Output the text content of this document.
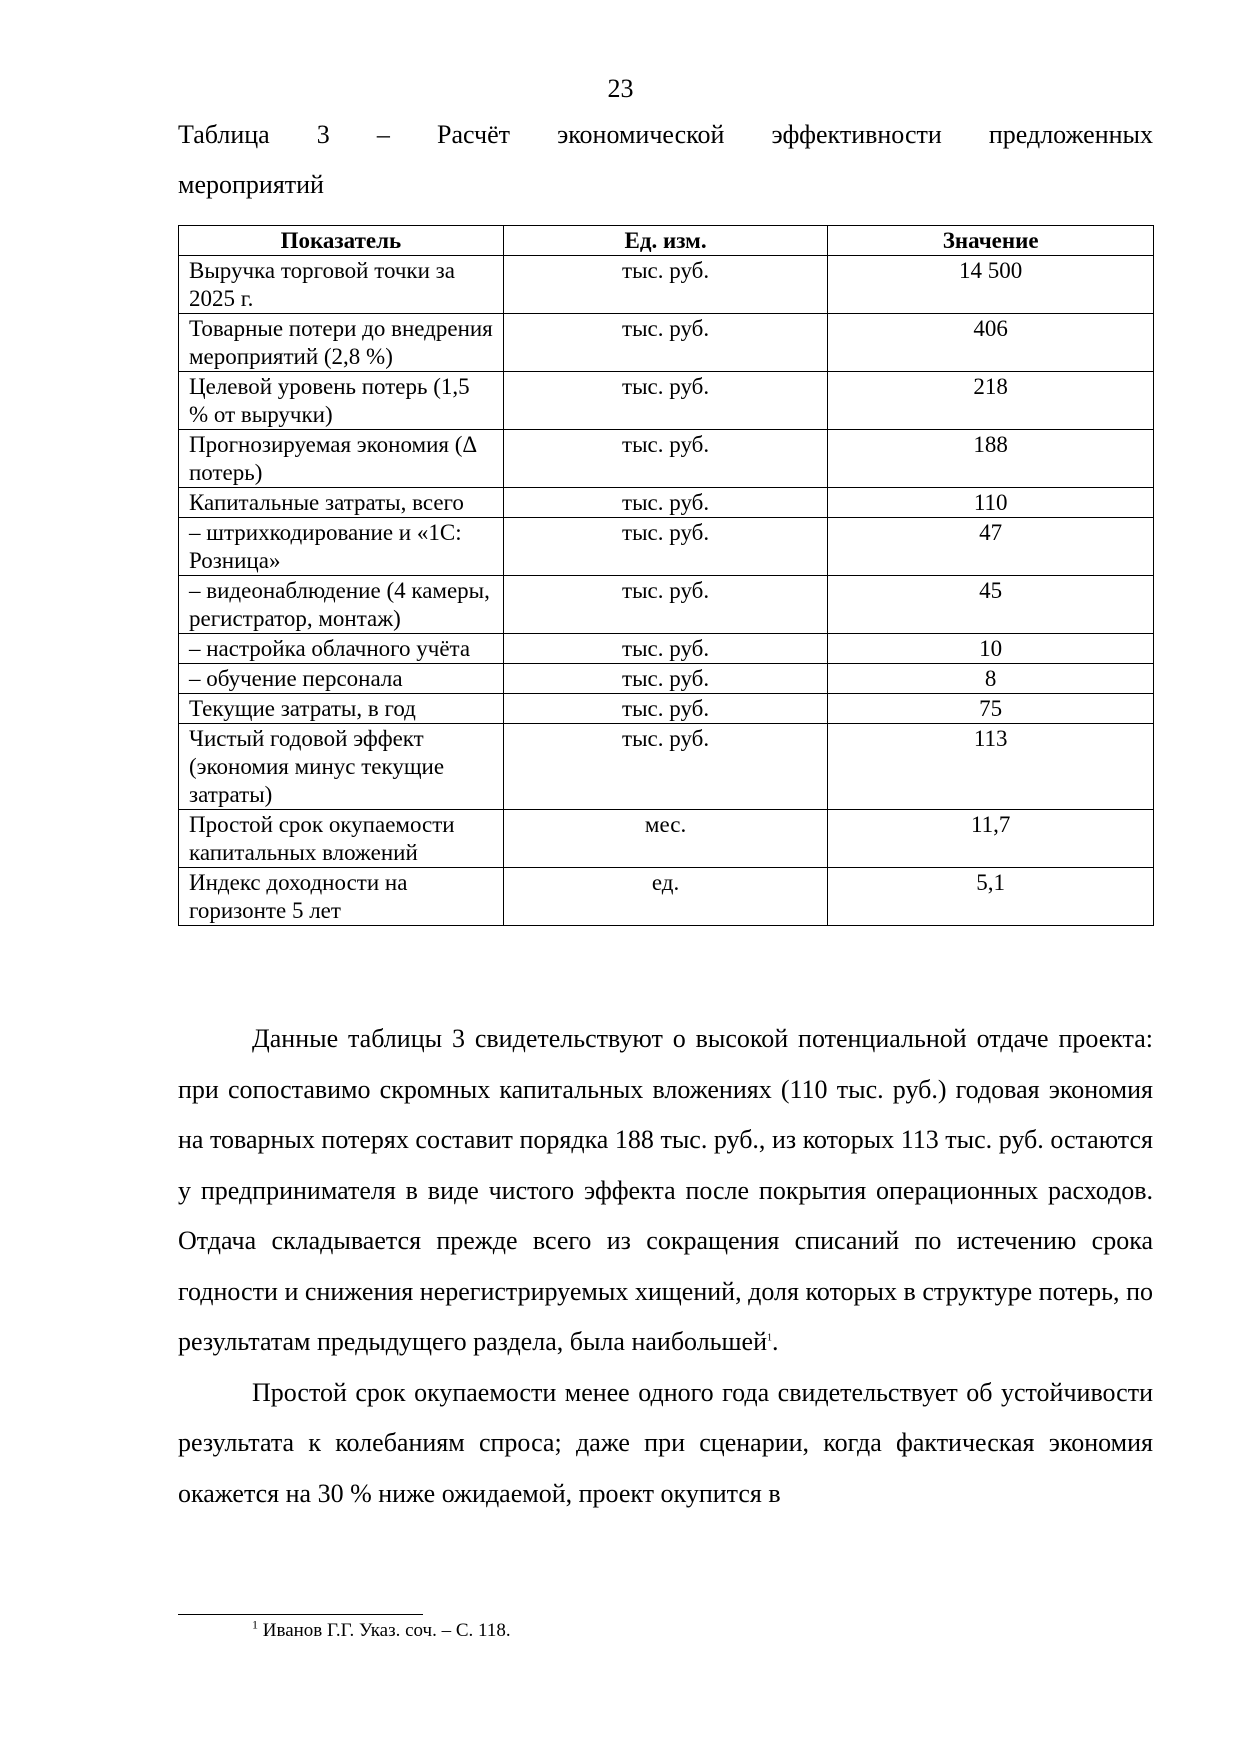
23
Таблица 3 – Расчёт экономической эффективности предложенных
мероприятий
Показатель	Ед. изм.	Значение
Выручка торговой точки за 2025 г.	тыс. руб.	14 500
Товарные потери до внедрения мероприятий (2,8 %)	тыс. руб.	406
Целевой уровень потерь (1,5 % от выручки)	тыс. руб.	218
Прогнозируемая экономия (Δ потерь)	тыс. руб.	188
Капитальные затраты, всего	тыс. руб.	110
– штрихкодирование и «1С: Розница»	тыс. руб.	47
– видеонаблюдение (4 камеры, регистратор, монтаж)	тыс. руб.	45
– настройка облачного учёта	тыс. руб.	10
– обучение персонала	тыс. руб.	8
Текущие затраты, в год	тыс. руб.	75
Чистый годовой эффект (экономия минус текущие затраты)	тыс. руб.	113
Простой срок окупаемости капитальных вложений	мес.	11,7
Индекс доходности на горизонте 5 лет	ед.	5,1

Данные таблицы 3 свидетельствуют о высокой потенциальной отдаче проекта: при сопоставимо скромных капитальных вложениях (110 тыс. руб.) годовая экономия на товарных потерях составит порядка 188 тыс. руб., из которых 113 тыс. руб. остаются у предпринимателя в виде чистого эффекта после покрытия операционных расходов. Отдача складывается прежде всего из сокращения списаний по истечению срока годности и снижения нерегистрируемых хищений, доля которых в структуре потерь, по результатам предыдущего раздела, была наибольшей$^1$.

Простой срок окупаемости менее одного года свидетельствует об устойчивости результата к колебаниям спроса; даже при сценарии, когда фактическая экономия окажется на 30 % ниже ожидаемой, проект окупится в

$^1$ Иванов Г.Г. Указ. соч. – С. 118.
